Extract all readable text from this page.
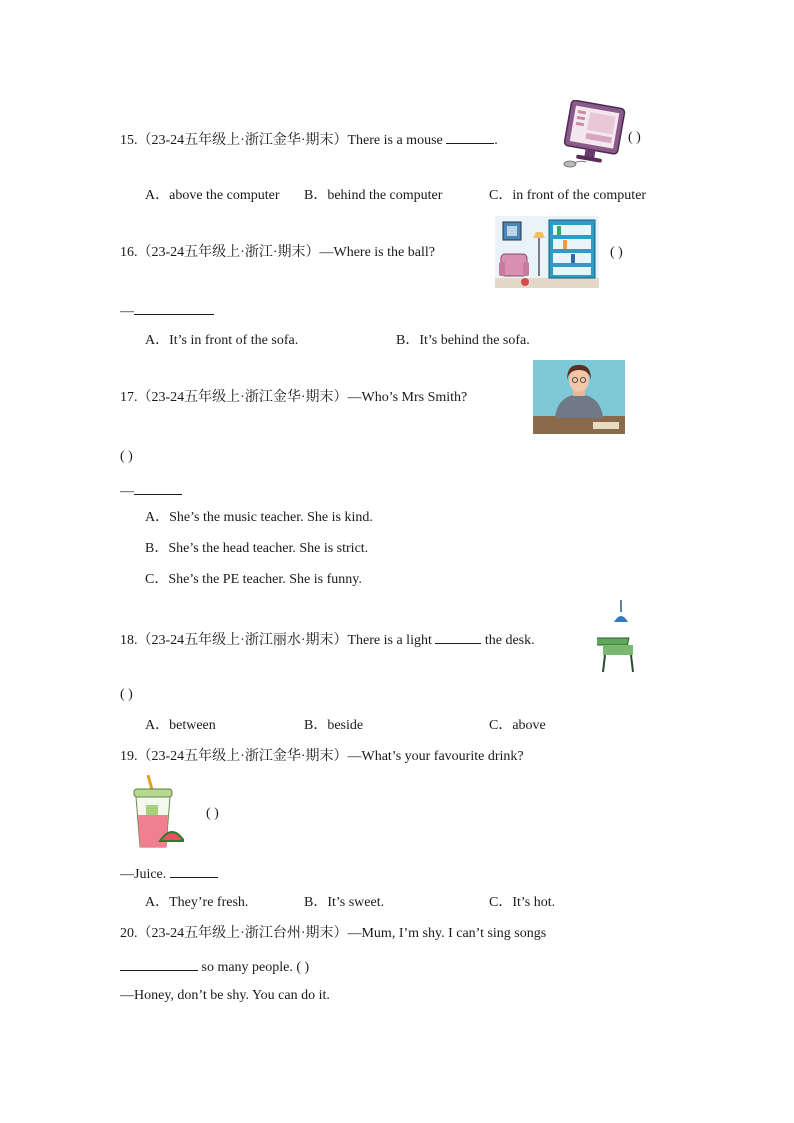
15.（23-24五年级上·浙江金华·期末）There is a mouse	.	( )
A．above the computer B．behind the computer	C．in front of the computer
16.（23-24五年级上·浙江·期末）—Where is the ball?	( )
—
A．It’s in front of the sofa.	B．It’s behind the sofa.
17.（23-24五年级上·浙江金华·期末）—Who’s Mrs Smith?
( )
—
A．She’s the music teacher. She is kind.
B．She’s the head teacher. She is strict.
C．She’s the PE teacher. She is funny.
18.（23-24五年级上·浙江丽水·期末）There is a light	the desk.
( )
A．between	B．beside	C．above
19.（23-24五年级上·浙江金华·期末）—What’s your favourite drink?
( )
—Juice.
A．They’re fresh.	B．It’s sweet.	C．It’s hot.
20.（23-24五年级上·浙江台州·期末）—Mum, I’m shy. I can’t sing songs
so many people. ( )
—Honey, don’t be shy. You can do it.
